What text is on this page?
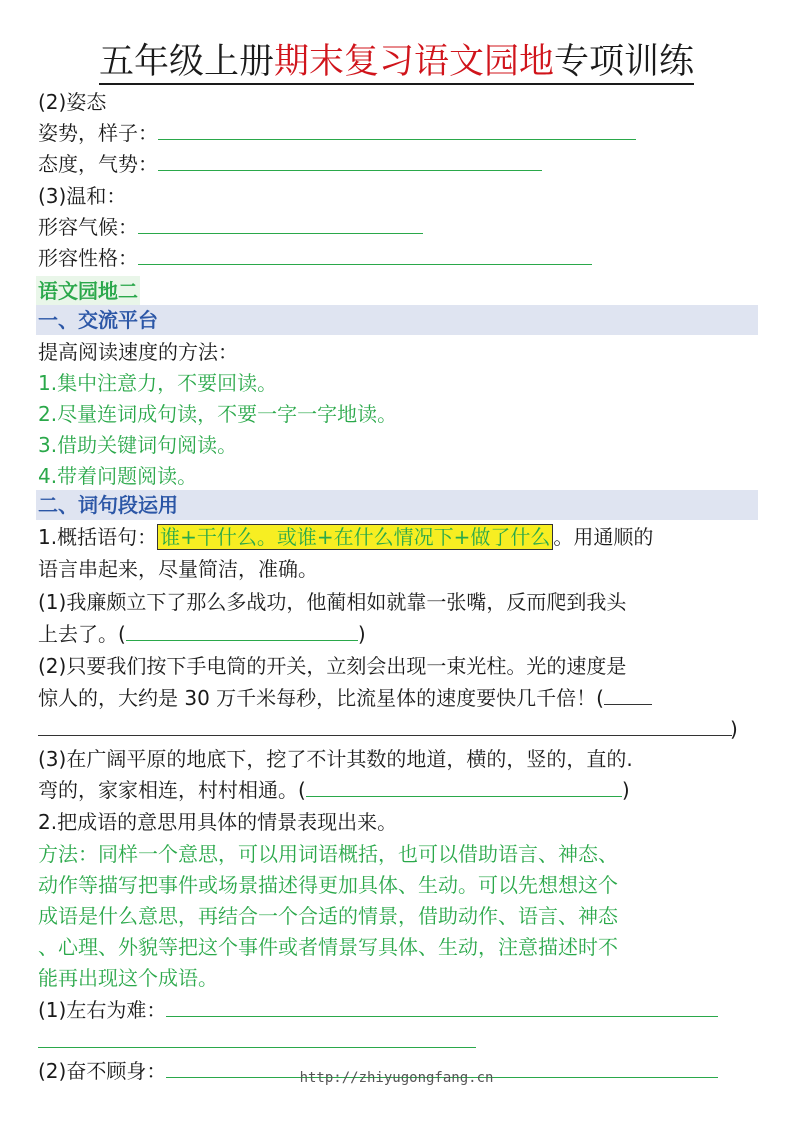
五年级上册期末复习语文园地专项训练
(2)姿态
姿势，样子：
态度，气势：
(3)温和：
形容气候：
形容性格：
语文园地二
一、交流平台
提高阅读速度的方法：
1.集中注意力，不要回读。
2.尽量连词成句读，不要一字一字地读。
3.借助关键词句阅读。
4.带着问题阅读。
二、词句段运用
1.概括语句： 谁+干什么。或谁+在什么情况下+做了什么 。用通顺的
语言串起来，尽量简洁，准确。
(1)我廉颇立下了那么多战功，他蔺相如就靠一张嘴，反而爬到我头
上去了。(	)
(2)只要我们按下手电筒的开关，立刻会出现一束光柱。光的速度是
惊人的，大约是 30 万千米每秒，比流星体的速度要快几千倍！(
)
(3)在广阔平原的地底下，挖了不计其数的地道，横的，竖的，直的.
弯的，家家相连，村村相通。(	)
2.把成语的意思用具体的情景表现出来。
方法：同样一个意思，可以用词语概括，也可以借助语言、神态、
动作等描写把事件或场景描述得更加具体、生动。可以先想想这个
成语是什么意思，再结合一个合适的情景，借助动作、语言、神态
、心理、外貌等把这个事件或者情景写具体、生动，注意描述时不
能再出现这个成语。
(1)左右为难：
(2)奋不顾身：	http://zhiyugongfang.cn
